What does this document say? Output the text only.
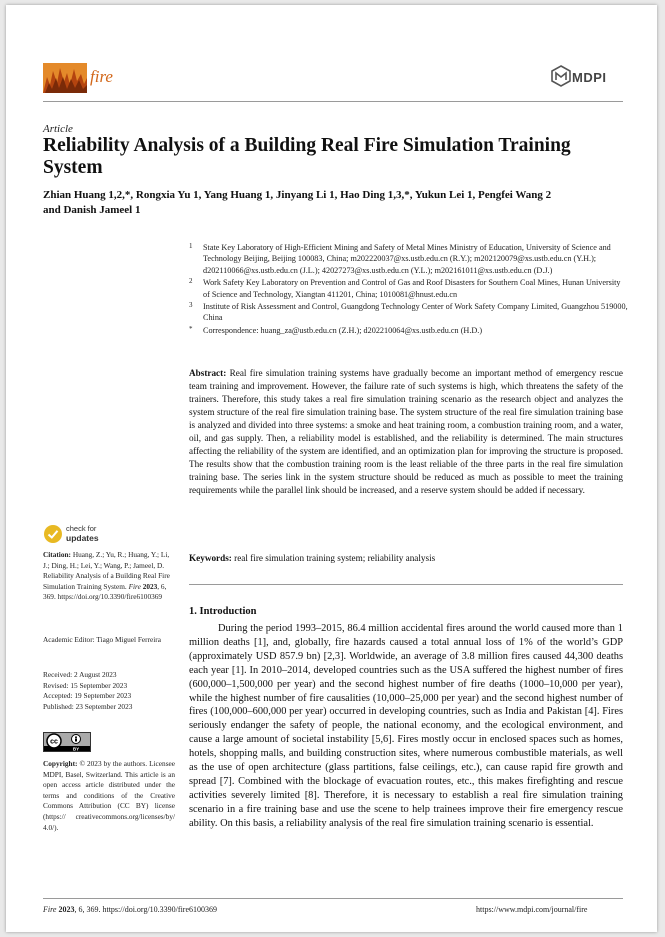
fire	MDPI
Article
Reliability Analysis of a Building Real Fire Simulation Training System
Zhian Huang 1,2,*, Rongxia Yu 1, Yang Huang 1, Jinyang Li 1, Hao Ding 1,3,*, Yukun Lei 1, Pengfei Wang 2
and Danish Jameel 1
1 State Key Laboratory of High-Efficient Mining and Safety of Metal Mines Ministry of Education, University of Science and Technology Beijing, Beijing 100083, China; m202220037@xs.ustb.edu.cn (R.Y.); m202120079@xs.ustb.edu.cn (Y.H.); d202110066@xs.ustb.edu.cn (J.L.); 42027273@xs.ustb.edu.cn (Y.L.); m202161011@xs.ustb.edu.cn (D.J.)
2 Work Safety Key Laboratory on Prevention and Control of Gas and Roof Disasters for Southern Coal Mines, Hunan University of Science and Technology, Xiangtan 411201, China; 1010081@hnust.edu.cn
3 Institute of Risk Assessment and Control, Guangdong Technology Center of Work Safety Company Limited, Guangzhou 519000, China
* Correspondence: huang_za@ustb.edu.cn (Z.H.); d202210064@xs.ustb.edu.cn (H.D.)
Abstract: Real fire simulation training systems have gradually become an important method of emergency rescue team training and improvement. However, the failure rate of such systems is high, which threatens the safety of the trainers. Therefore, this study takes a real fire simulation training scenario as the research object and analyzes the system structure of the real fire simulation training base. The system structure of the real fire simulation training base is analyzed and divided into three systems: a smoke and heat training room, a combustion training room, and a water, oil, and gas supply. Then, a reliability model is established, and the reliability is determined. The main structures affecting the reliability of the system are identified, and an optimization plan for improving the structure is proposed. The results show that the combustion training room is the least reliable of the three parts in the real fire simulation training base. The series link in the system structure should be reduced as much as possible to meet the training requirements while the parallel link should be increased, and a reserve system should be added if necessary.
Keywords: real fire simulation training system; reliability analysis
check for
updates
Citation: Huang, Z.; Yu, R.; Huang, Y.; Li, J.; Ding, H.; Lei, Y.; Wang, P.; Jameel, D. Reliability Analysis of a Building Real Fire Simulation Training System. Fire 2023, 6, 369. https://doi.org/10.3390/fire6100369
Academic Editor: Tiago Miguel Ferreira
Received: 2 August 2023
Revised: 15 September 2023
Accepted: 19 September 2023
Published: 23 September 2023
cc
BY
Copyright: © 2023 by the authors. Licensee MDPI, Basel, Switzerland. This article is an open access article distributed under the terms and conditions of the Creative Commons Attribution (CC BY) license (https:// creativecommons.org/licenses/by/ 4.0/).
1. Introduction
During the period 1993–2015, 86.4 million accidental fires around the world caused more than 1 million deaths [1], and, globally, fire hazards caused a total annual loss of 1% of the world’s GDP (approximately USD 857.9 bn) [2,3]. Worldwide, an average of 3.8 million fires caused 44,300 deaths each year [1]. In 2010–2014, developed countries such as the USA suffered the highest number of fires (600,000–1,500,000 per year) and the second highest number of fire deaths (1000–10,000 per year), while the highest number of fire causalities (10,000–25,000 per year) and the second highest number of fires (100,000–600,000 per year) occurred in developing countries, such as India and Pakistan [4]. Fires seriously endanger the safety of people, the national economy, and the ecological environment, and cause a large amount of societal instability [5,6]. Fires mostly occur in enclosed spaces such as homes, hotels, shopping malls, and building construction sites, where numerous combustible materials, as well as the use of open architecture (glass partitions, false ceilings, etc.), can cause rapid fire growth and spread [7]. Combined with the blockage of evacuation routes, etc., this makes firefighting and rescue activities severely limited [8]. Therefore, it is necessary to establish a real fire simulation training scenario in a fire training base and use the scene to help trainees improve their fire emergency rescue ability. On this basis, a reliability analysis of the real fire simulation training scenario is essential.
Fire 2023, 6, 369. https://doi.org/10.3390/fire6100369	https://www.mdpi.com/journal/fire
